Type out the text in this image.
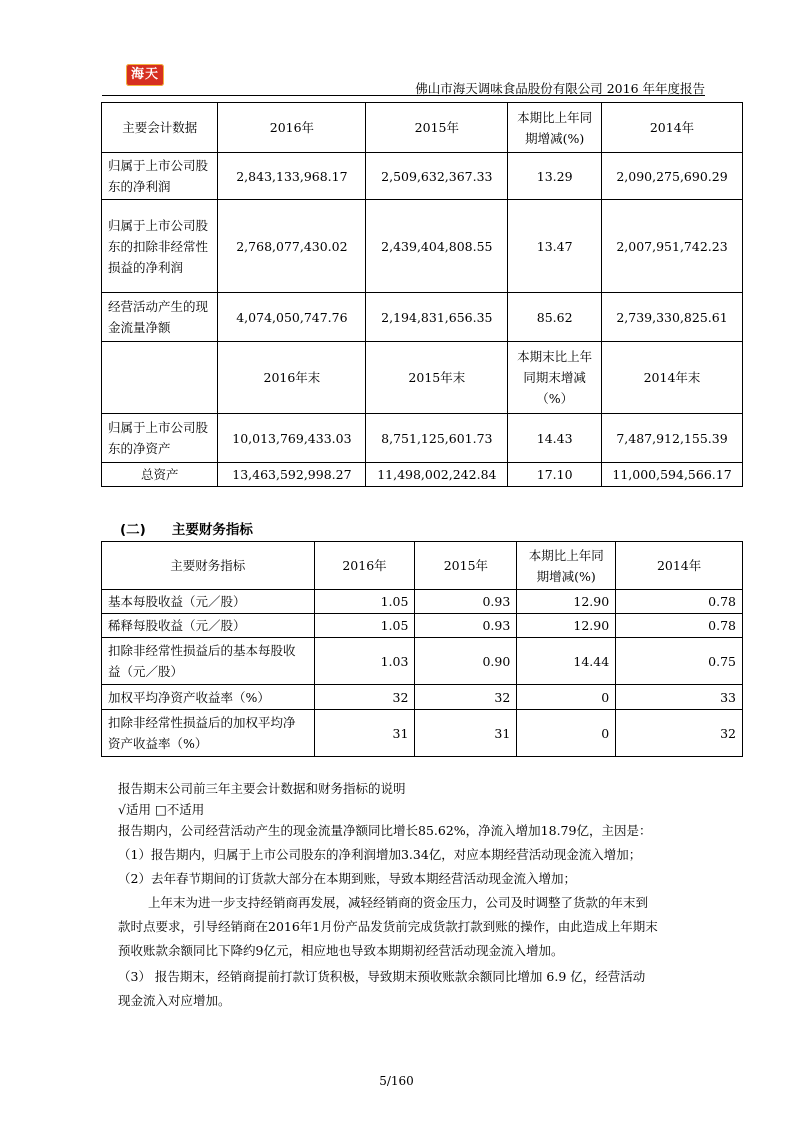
海天
佛山市海天调味食品股份有限公司 2016 年年度报告
主要会计数据	2016年	2015年	本期比上年同期增减(%)	2014年
归属于上市公司股东的净利润	2,843,133,968.17	2,509,632,367.33	13.29	2,090,275,690.29
归属于上市公司股东的扣除非经常性损益的净利润	2,768,077,430.02	2,439,404,808.55	13.47	2,007,951,742.23
经营活动产生的现金流量净额	4,074,050,747.76	2,194,831,656.35	85.62	2,739,330,825.61
	2016年末	2015年末	本期末比上年同期末增减（%）	2014年末
归属于上市公司股东的净资产	10,013,769,433.03	8,751,125,601.73	14.43	7,487,912,155.39
总资产	13,463,592,998.27	11,498,002,242.84	17.10	11,000,594,566.17
(二) 主要财务指标
主要财务指标	2016年	2015年	本期比上年同期增减(%)	2014年
基本每股收益（元／股）	1.05	0.93	12.90	0.78
稀释每股收益（元／股）	1.05	0.93	12.90	0.78
扣除非经常性损益后的基本每股收益（元／股）	1.03	0.90	14.44	0.75
加权平均净资产收益率（%）	32	32	0	33
扣除非经常性损益后的加权平均净资产收益率（%）	31	31	0	32
报告期末公司前三年主要会计数据和财务指标的说明
√适用 □不适用
报告期内，公司经营活动产生的现金流量净额同比增长85.62%，净流入增加18.79亿，主因是：
（1）报告期内，归属于上市公司股东的净利润增加3.34亿，对应本期经营活动现金流入增加；
（2）去年春节期间的订货款大部分在本期到账，导致本期经营活动现金流入增加；
上年末为进一步支持经销商再发展，减轻经销商的资金压力，公司及时调整了货款的年末到
款时点要求，引导经销商在2016年1月份产品发货前完成货款打款到账的操作，由此造成上年期末
预收账款余额同比下降约9亿元，相应地也导致本期期初经营活动现金流入增加。
（3） 报告期末，经销商提前打款订货积极，导致期末预收账款余额同比增加 6.9 亿，经营活动
现金流入对应增加。
5/160
